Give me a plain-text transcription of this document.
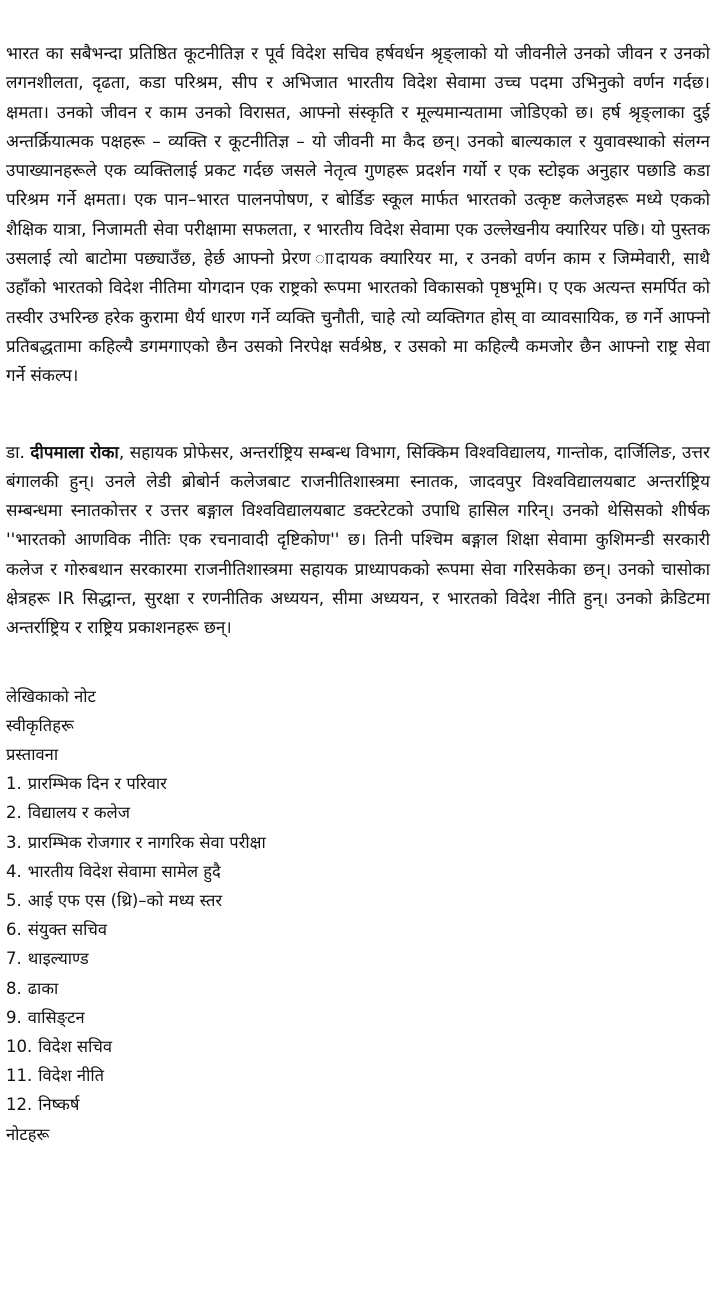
भारत का सबैभन्दा प्रतिष्ठित कूटनीतिज्ञ र पूर्व विदेश सचिव हर्षवर्धन श्रृङ्लाको यो जीवनीले उनको जीवन र उनको लगनशीलता, दृढता, कडा परिश्रम, सीप र अभिजात भारतीय विदेश सेवामा उच्च पदमा उभिनुको वर्णन गर्दछ। क्षमता। उनको जीवन र काम उनको विरासत, आफ्नो संस्कृति र मूल्यमान्यतामा जोडिएको छ। हर्ष श्रृङ्लाका दुई अन्तर्क्रियात्मक पक्षहरू – व्यक्ति र कूटनीतिज्ञ – यो जीवनी मा कैद छन्। उनको बाल्यकाल र युवावस्थाको संलग्न उपाख्यानहरूले एक व्यक्तिलाई प्रकट गर्दछ जसले नेतृत्व गुणहरू प्रदर्शन गर्यो र एक स्टोइक अनुहार पछाडि कडा परिश्रम गर्ने क्षमता। एक पान–भारत पालनपोषण, र बोर्डिङ स्कूल मार्फत भारतको उत्कृष्ट कलेजहरू मध्ये एकको शैक्षिक यात्रा, निजामती सेवा परीक्षामा सफलता, र भारतीय विदेश सेवामा एक उल्लेखनीय क्यारियर पछि। यो पुस्तक उसलाई त्यो बाटोमा पछ्याउँछ, हेर्छ आफ्नो प्रेरण ाादायक क्यारियर मा, र उनको वर्णन काम र जिम्मेवारी, साथै उहाँको भारतको विदेश नीतिमा योगदान एक राष्ट्रको रूपमा भारतको विकासको पृष्ठभूमि। ए एक अत्यन्त समर्पित को तस्वीर उभरिन्छ हरेक कुरामा धैर्य धारण गर्ने व्यक्ति चुनौती, चाहे त्यो व्यक्तिगत होस् वा व्यावसायिक, छ गर्ने आफ्नो प्रतिबद्धतामा कहिल्यै डगमगाएको छैन उसको निरपेक्ष सर्वश्रेष्ठ, र उसको मा कहिल्यै कमजोर छैन आफ्नो राष्ट्र सेवा गर्ने संकल्प।

डा. दीपमाला रोका, सहायक प्रोफेसर, अन्तर्राष्ट्रिय सम्बन्ध विभाग, सिक्किम विश्वविद्यालय, गान्तोक, दार्जिलिङ, उत्तर बंगालकी हुन्। उनले लेडी ब्रोबोर्न कलेजबाट राजनीतिशास्त्रमा स्नातक, जादवपुर विश्वविद्यालयबाट अन्तर्राष्ट्रिय सम्बन्धमा स्नातकोत्तर र उत्तर बङ्गाल विश्वविद्यालयबाट डक्टरेटको उपाधि हासिल गरिन्। उनको थेसिसको शीर्षक ''भारतको आणविक नीतिः एक रचनावादी दृष्टिकोण'' छ। तिनी पश्चिम बङ्गाल शिक्षा सेवामा कुशिमन्डी सरकारी कलेज र गोरुबथान सरकारमा राजनीतिशास्त्रमा सहायक प्राध्यापकको रूपमा सेवा गरिसकेका छन्। उनको चासोका क्षेत्रहरू IR सिद्धान्त, सुरक्षा र रणनीतिक अध्ययन, सीमा अध्ययन, र भारतको विदेश नीति हुन्। उनको क्रेडिटमा अन्तर्राष्ट्रिय र राष्ट्रिय प्रकाशनहरू छन्।

लेखिकाको नोट

स्वीकृतिहरू

प्रस्तावना

1. प्रारम्भिक दिन र परिवार

2. विद्यालय र कलेज

3. प्रारम्भिक रोजगार र नागरिक सेवा परीक्षा

4. भारतीय विदेश सेवामा सामेल हुदै

5. आई एफ एस (थ्रि)–को मध्य स्तर

6. संयुक्त सचिव

7. थाइल्याण्ड

8. ढाका

9. वासिङ्टन

10. विदेश सचिव

11. विदेश नीति

12. निष्कर्ष

नोटहरू
